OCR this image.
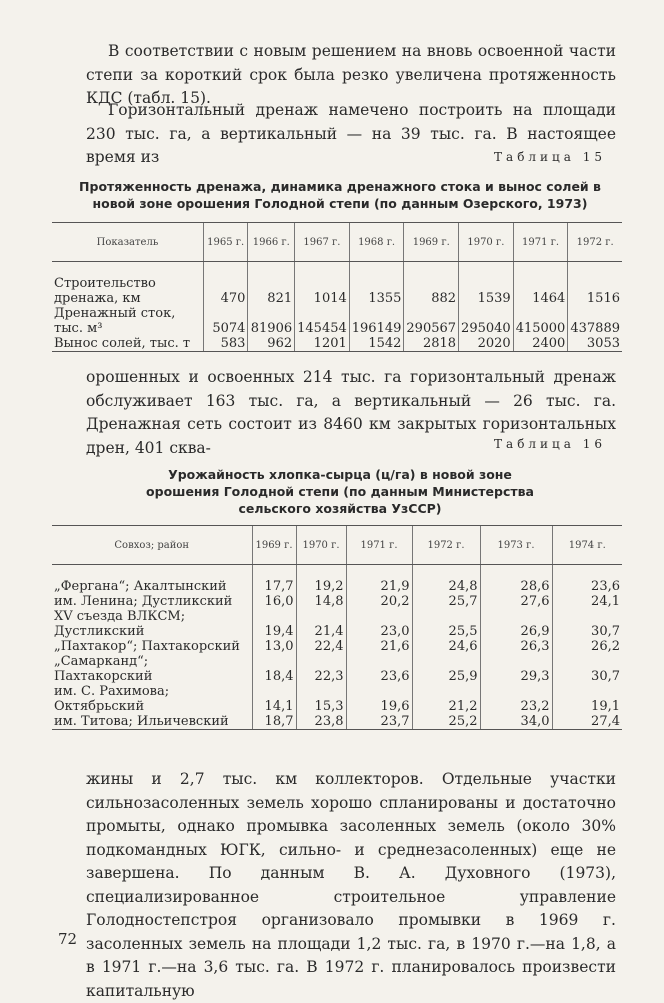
В соответствии с новым решением на вновь освоенной части степи за короткий срок была резко увеличена протяженность КДС (табл. 15).

Горизонтальный дренаж намечено построить на площади 230 тыс. га, а вертикальный — на 39 тыс. га. В настоящее время из	Таблица 15

Протяженность дренажа, динамика дренажного стока и вынос солей в новой зоне орошения Голодной степи (по данным Озерского, 1973)

Показатель	1965 г.	1966 г.	1967 г.	1968 г.	1969 г.	1970 г.	1971 г.	1972 г.

Строительство дренажа, км	470	821	1014	1355	882	1539	1464	1516
Дренажный сток, тыс. м³	5074	81906	145454	196149	290567	295040	415000	437889
Вынос солей, тыс. т	583	962	1201	1542	2818	2020	2400	3053

орошенных и освоенных 214 тыс. га горизонтальный дренаж обслуживает 163 тыс. га, а вертикальный — 26 тыс. га. Дренажная сеть состоит из 8460 км закрытых горизонтальных дрен, 401 сква-	Таблица 16

Урожайность хлопка-сырца (ц/га) в новой зоне орошения Голодной степи (по данным Министерства сельского хозяйства УзССР)

Совхоз; район	1969 г.	1970 г.	1971 г.	1972 г.	1973 г.	1974 г.

„Фергана“; Акалтынский	17,7	19,2	21,9	24,8	28,6	23,6
им. Ленина; Дустликский	16,0	14,8	20,2	25,7	27,6	24,1
XV съезда ВЛКСМ; Дустликский	19,4	21,4	23,0	25,5	26,9	30,7
„Пахтакор“; Пахтакорский	13,0	22,4	21,6	24,6	26,3	26,2
„Самарканд“; Пахтакорский	18,4	22,3	23,6	25,9	29,3	30,7
им. С. Рахимова; Октябрьский	14,1	15,3	19,6	21,2	23,2	19,1
им. Титова; Ильичевский	18,7	23,8	23,7	25,2	34,0	27,4

жины и 2,7 тыс. км коллекторов. Отдельные участки сильнозасоленных земель хорошо спланированы и достаточно промыты, однако промывка засоленных земель (около 30% подкомандных ЮГК, сильно- и среднезасоленных) еще не завершена. По данным В. А. Духовного (1973), специализированное строительное управление Голодностепстроя организовало промывки в 1969 г. засоленных земель на площади 1,2 тыс. га, в 1970 г.—на 1,8, а в 1971 г.—на 3,6 тыс. га. В 1972 г. планировалось произвести капитальную

72
